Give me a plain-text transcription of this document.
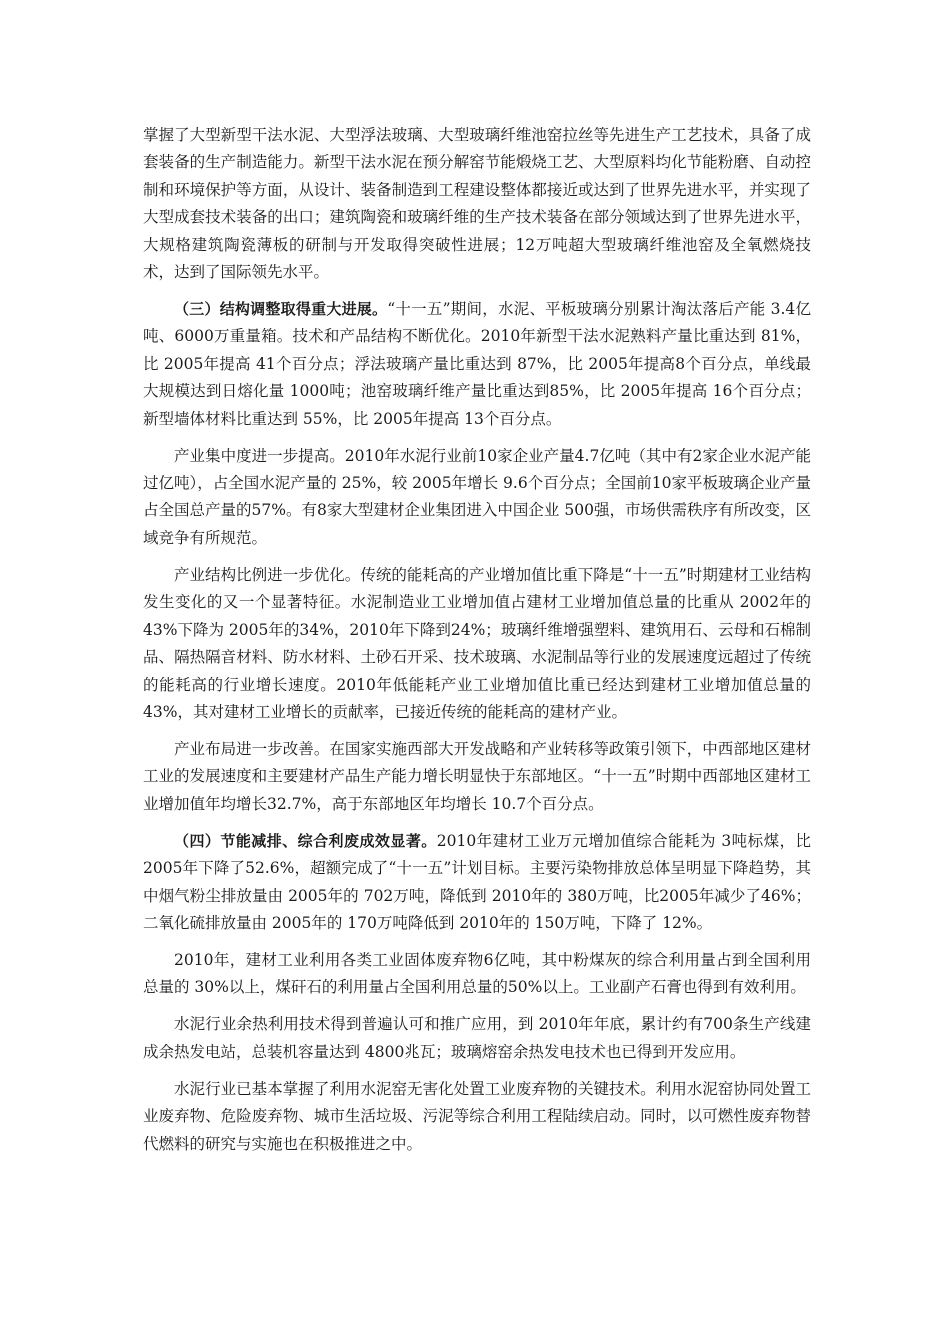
掌握了大型新型干法水泥、大型浮法玻璃、大型玻璃纤维池窑拉丝等先进生产工艺技术，具备了成套装备的生产制造能力。新型干法水泥在预分解窑节能煅烧工艺、大型原料均化节能粉磨、自动控制和环境保护等方面，从设计、装备制造到工程建设整体都接近或达到了世界先进水平，并实现了大型成套技术装备的出口；建筑陶瓷和玻璃纤维的生产技术装备在部分领域达到了世界先进水平，大规格建筑陶瓷薄板的研制与开发取得突破性进展；12万吨超大型玻璃纤维池窑及全氧燃烧技术，达到了国际领先水平。

（三）结构调整取得重大进展。“十一五”期间，水泥、平板玻璃分别累计淘汰落后产能 3.4亿吨、6000万重量箱。技术和产品结构不断优化。2010年新型干法水泥熟料产量比重达到 81%，比 2005年提高 41个百分点；浮法玻璃产量比重达到 87%，比 2005年提高8个百分点，单线最大规模达到日熔化量 1000吨；池窑玻璃纤维产量比重达到85%，比 2005年提高 16个百分点；新型墙体材料比重达到 55%，比 2005年提高 13个百分点。

产业集中度进一步提高。2010年水泥行业前10家企业产量4.7亿吨（其中有2家企业水泥产能过亿吨），占全国水泥产量的 25%，较 2005年增长 9.6个百分点；全国前10家平板玻璃企业产量占全国总产量的57%。有8家大型建材企业集团进入中国企业 500强，市场供需秩序有所改变，区域竞争有所规范。

产业结构比例进一步优化。传统的能耗高的产业增加值比重下降是“十一五”时期建材工业结构发生变化的又一个显著特征。水泥制造业工业增加值占建材工业增加值总量的比重从 2002年的43%下降为 2005年的34%，2010年下降到24%；玻璃纤维增强塑料、建筑用石、云母和石棉制品、隔热隔音材料、防水材料、土砂石开采、技术玻璃、水泥制品等行业的发展速度远超过了传统的能耗高的行业增长速度。2010年低能耗产业工业增加值比重已经达到建材工业增加值总量的43%，其对建材工业增长的贡献率，已接近传统的能耗高的建材产业。

产业布局进一步改善。在国家实施西部大开发战略和产业转移等政策引领下，中西部地区建材工业的发展速度和主要建材产品生产能力增长明显快于东部地区。“十一五”时期中西部地区建材工业增加值年均增长32.7%，高于东部地区年均增长 10.7个百分点。

（四）节能减排、综合利废成效显著。2010年建材工业万元增加值综合能耗为 3吨标煤，比2005年下降了52.6%，超额完成了“十一五”计划目标。主要污染物排放总体呈明显下降趋势，其中烟气粉尘排放量由 2005年的 702万吨，降低到 2010年的 380万吨，比2005年减少了46%；二氧化硫排放量由 2005年的 170万吨降低到 2010年的 150万吨，下降了 12%。

2010年，建材工业利用各类工业固体废弃物6亿吨，其中粉煤灰的综合利用量占到全国利用总量的 30%以上，煤矸石的利用量占全国利用总量的50%以上。工业副产石膏也得到有效利用。

水泥行业余热利用技术得到普遍认可和推广应用，到 2010年年底，累计约有700条生产线建成余热发电站，总装机容量达到 4800兆瓦；玻璃熔窑余热发电技术也已得到开发应用。

水泥行业已基本掌握了利用水泥窑无害化处置工业废弃物的关键技术。利用水泥窑协同处置工业废弃物、危险废弃物、城市生活垃圾、污泥等综合利用工程陆续启动。同时，以可燃性废弃物替代燃料的研究与实施也在积极推进之中。
